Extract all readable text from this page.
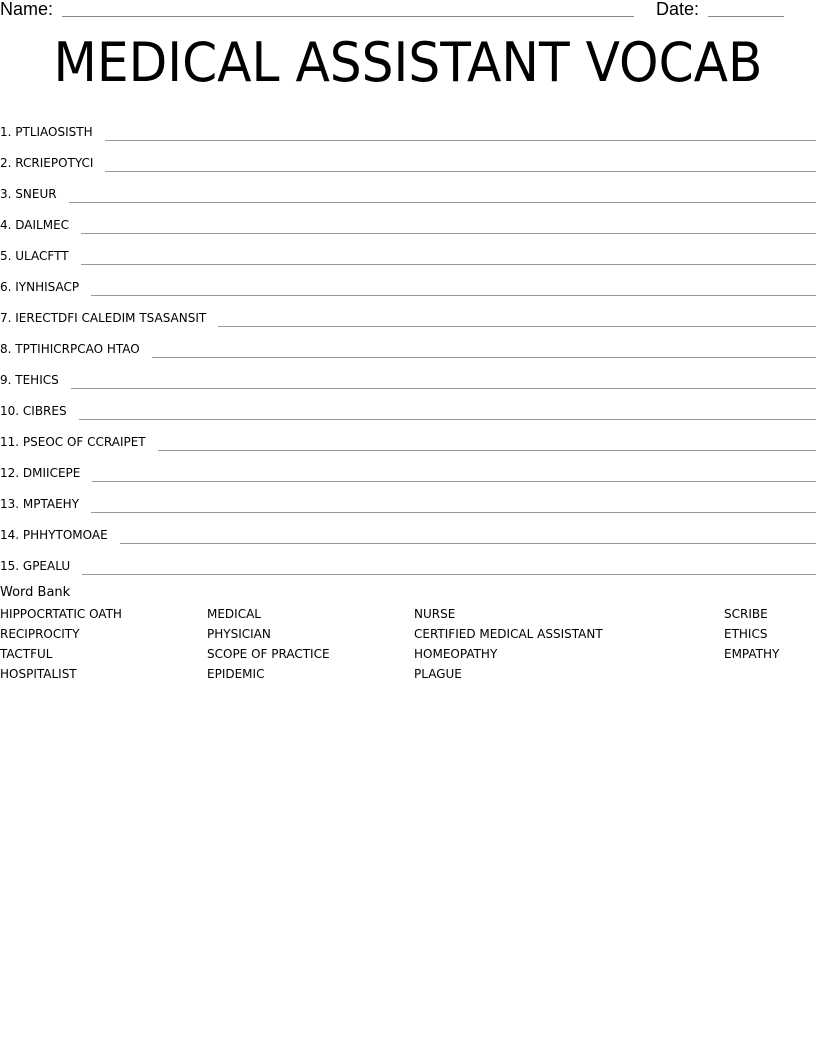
Name:	Date:
MEDICAL ASSISTANT VOCAB
1. PTLIAOSISTH
2. RCRIEPOTYCI
3. SNEUR
4. DAILMEC
5. ULACFTT
6. IYNHISACP
7. IERECTDFI CALEDIM TSASANSIT
8. TPTIHICRPCAO HTAO
9. TEHICS
10. CIBRES
11. PSEOC OF CCRAIPET
12. DMIICEPE
13. MPTAEHY
14. PHHYTOMOAE
15. GPEALU
Word Bank
HIPPOCRTATIC OATH
RECIPROCITY
TACTFUL
HOSPITALIST
MEDICAL
PHYSICIAN
SCOPE OF PRACTICE
EPIDEMIC
NURSE
CERTIFIED MEDICAL ASSISTANT
HOMEOPATHY
PLAGUE
SCRIBE
ETHICS
EMPATHY
